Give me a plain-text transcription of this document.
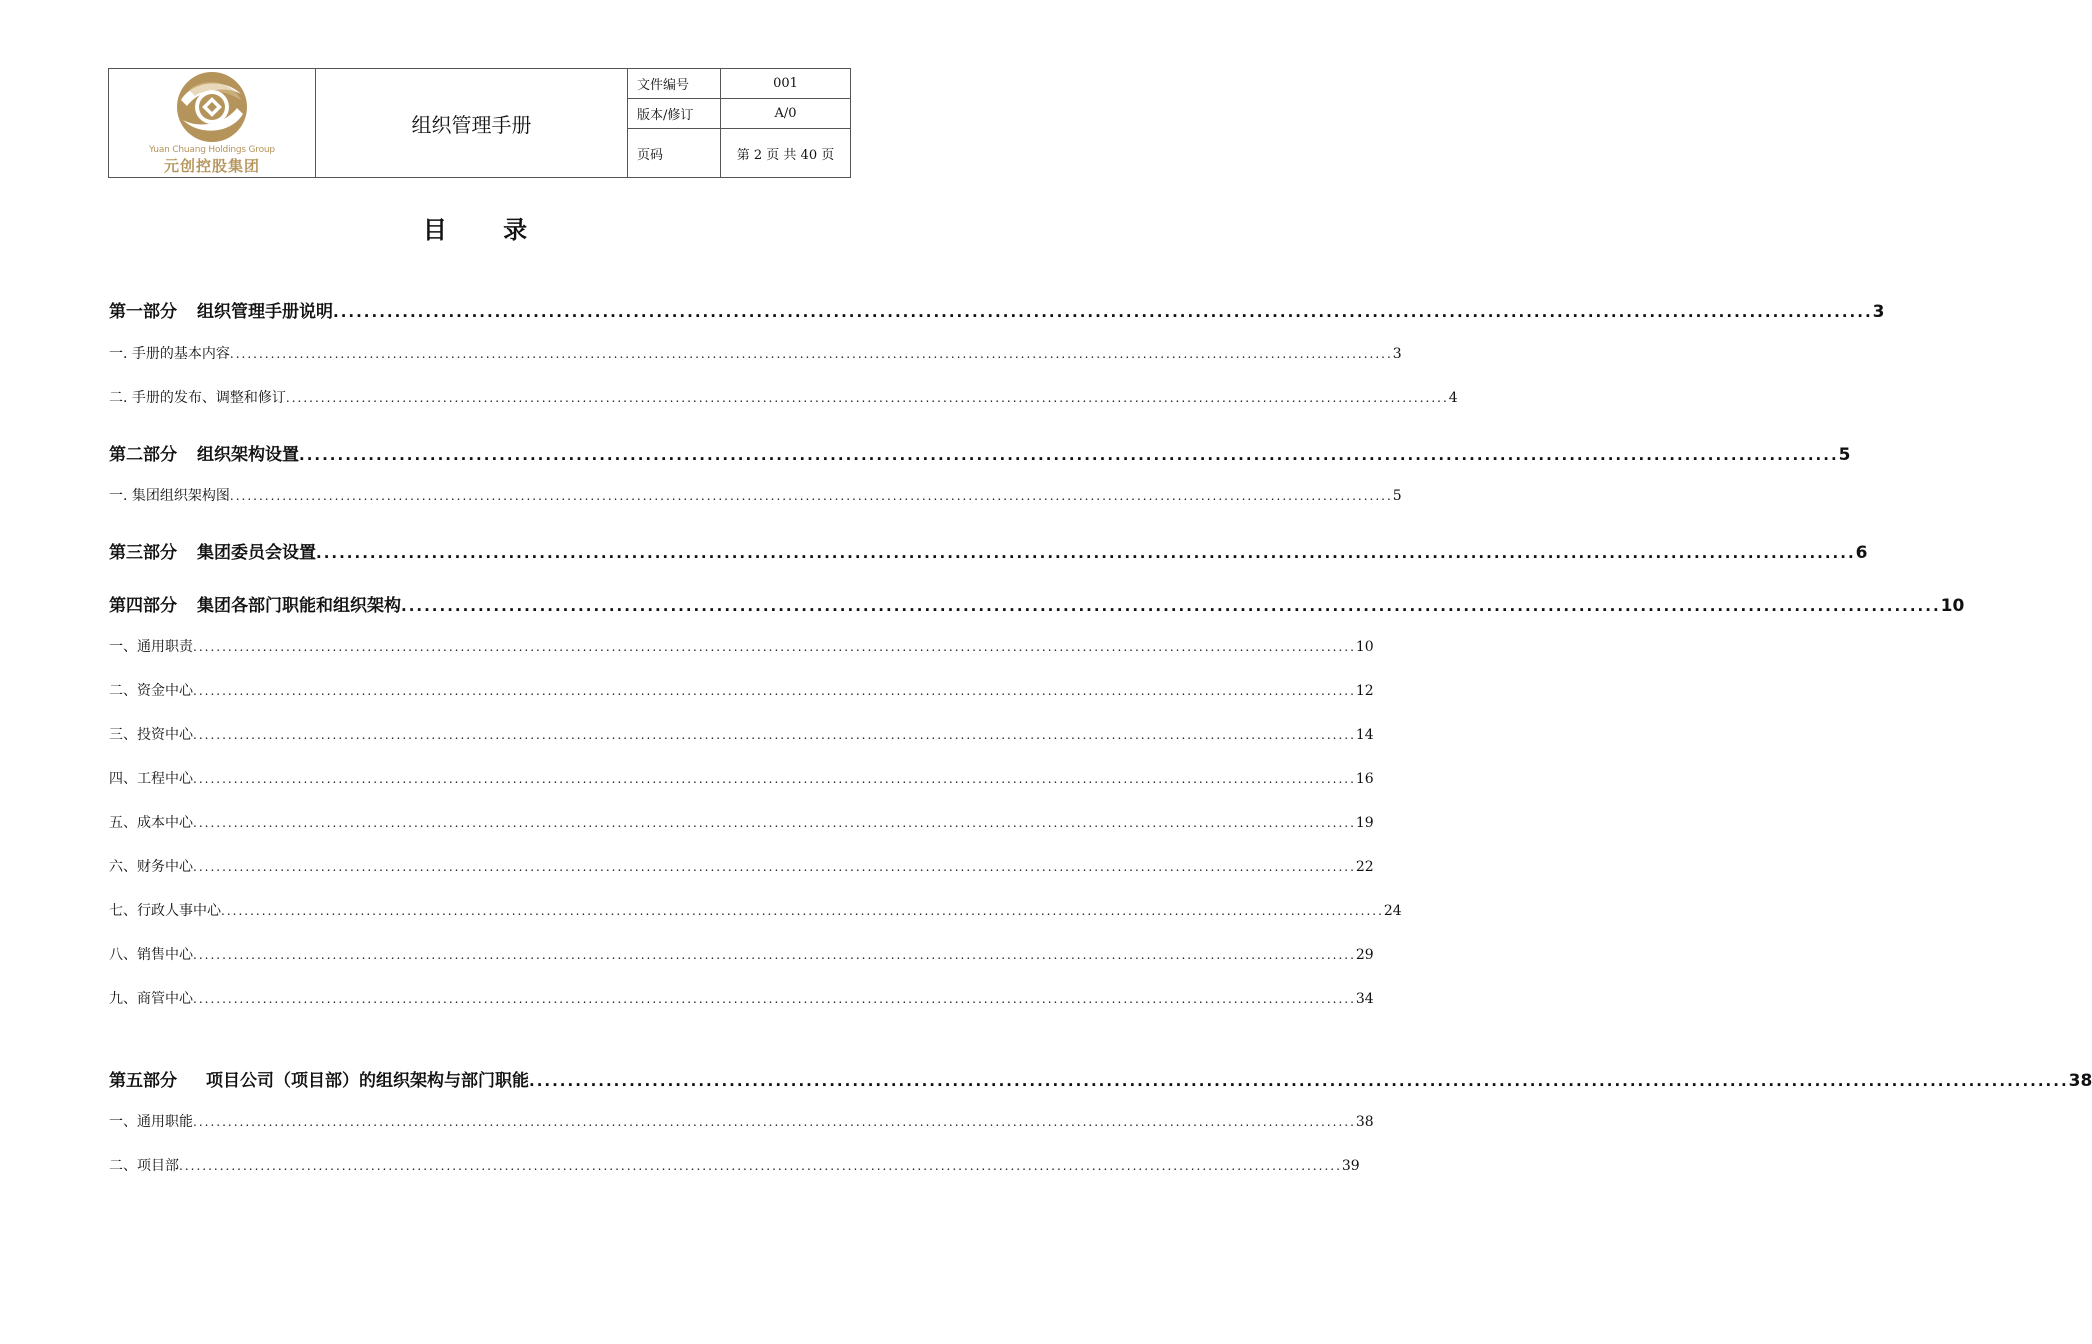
Yuan Chuang Holdings Group
元创控股集团	组织管理手册	文件编号	001
		版本/修订	A/0
		页码	第 2 页 共 40 页
目 录
第一部分 组织管理手册说明 ........................................................................................................................................................................................................ 3
一. 手册的基本内容 ........................................................................................................................................................................................................ 3
二. 手册的发布、调整和修订 ........................................................................................................................................................................................................ 4
第二部分 组织架构设置 ........................................................................................................................................................................................................ 5
一. 集团组织架构图 ........................................................................................................................................................................................................ 5
第三部分 集团委员会设置 ........................................................................................................................................................................................................ 6
第四部分 集团各部门职能和组织架构 ........................................................................................................................................................................................................ 10
一、通用职责 ........................................................................................................................................................................................................ 10
二、资金中心 ........................................................................................................................................................................................................ 12
三、投资中心 ........................................................................................................................................................................................................ 14
四、工程中心 ........................................................................................................................................................................................................ 16
五、成本中心 ........................................................................................................................................................................................................ 19
六、财务中心 ........................................................................................................................................................................................................ 22
七、行政人事中心 ........................................................................................................................................................................................................ 24
八、销售中心 ........................................................................................................................................................................................................ 29
九、商管中心 ........................................................................................................................................................................................................ 34
第五部分 项目公司（项目部）的组织架构与部门职能 ........................................................................................................................................................................................................ 38
一、通用职能 ........................................................................................................................................................................................................ 38
二、项目部 ........................................................................................................................................................................................................ 39
